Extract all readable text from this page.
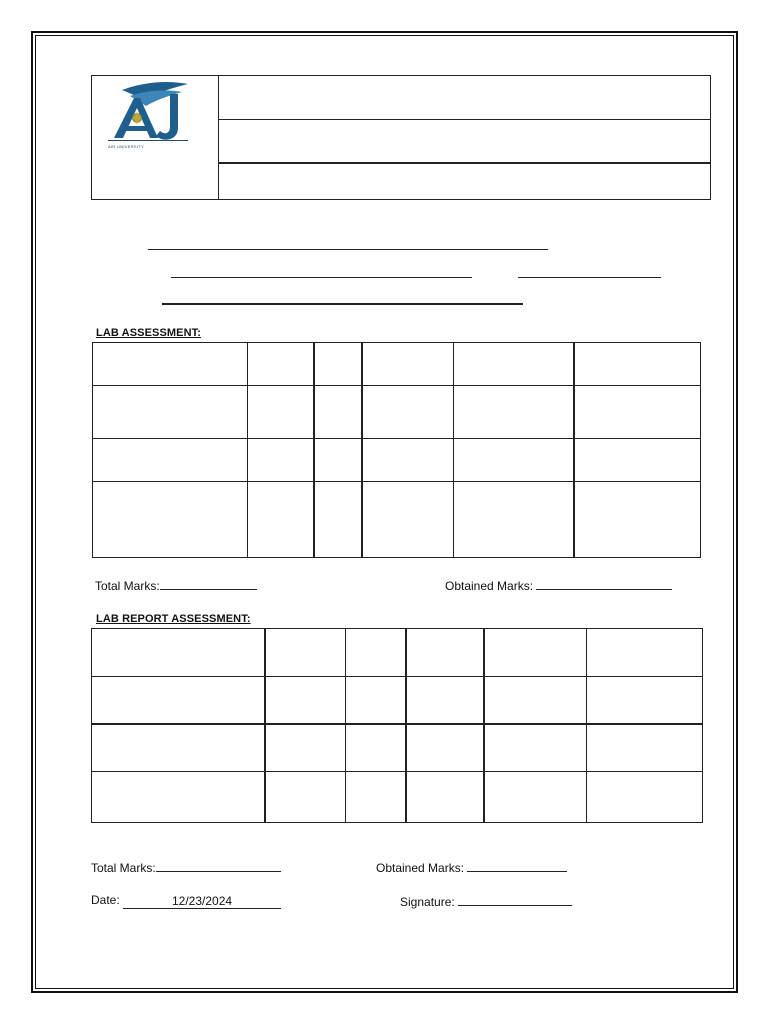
AIR UNIVERSITY
LAB ASSESSMENT:

Total Marks:	Obtained Marks:
LAB REPORT ASSESSMENT:

Total Marks:	Obtained Marks:
Date:	12/23/2024	Signature:
